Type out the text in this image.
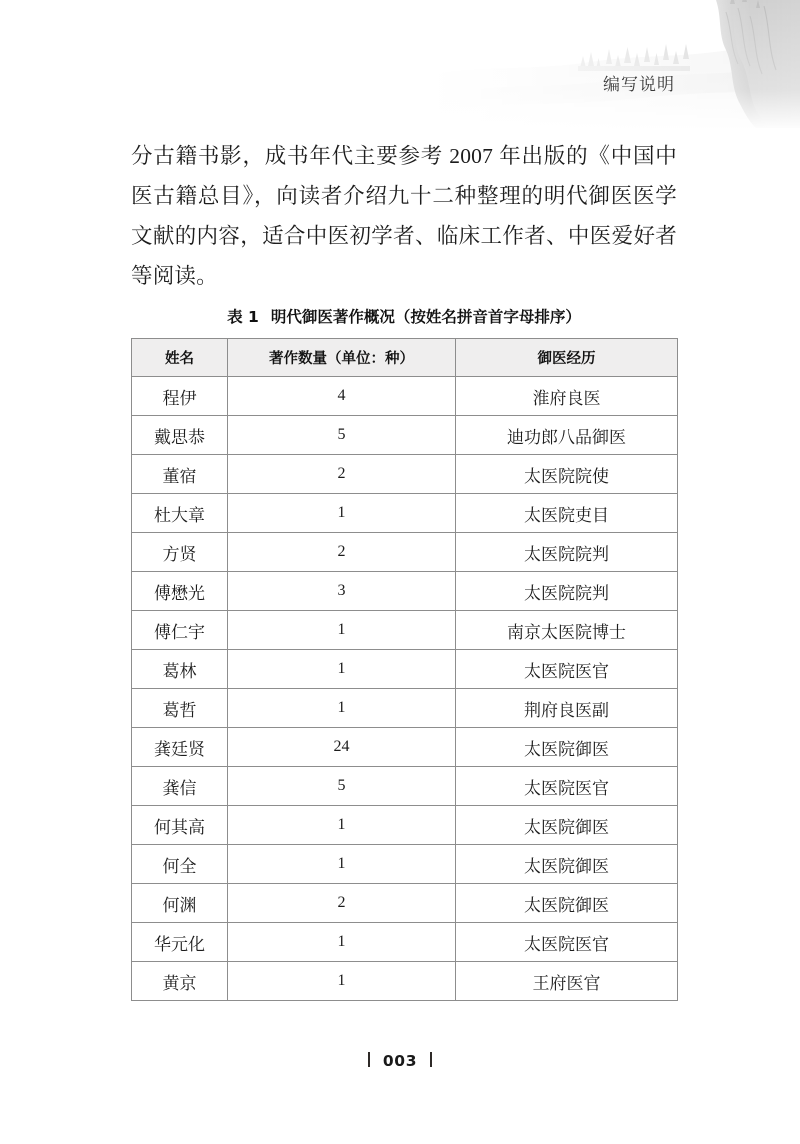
编写说明
分古籍书影，成书年代主要参考 2007 年出版的《中国中医古籍总目》，向读者介绍九十二种整理的明代御医医学文献的内容，适合中医初学者、临床工作者、中医爱好者等阅读。
表 1 明代御医著作概况（按姓名拼音首字母排序）
姓名	著作数量（单位：种）	御医经历
程伊	4	淮府良医
戴思恭	5	迪功郎八品御医
董宿	2	太医院院使
杜大章	1	太医院吏目
方贤	2	太医院院判
傅懋光	3	太医院院判
傅仁宇	1	南京太医院博士
葛林	1	太医院医官
葛哲	1	荆府良医副
龚廷贤	24	太医院御医
龚信	5	太医院医官
何其高	1	太医院御医
何全	1	太医院御医
何渊	2	太医院御医
华元化	1	太医院医官
黄京	1	王府医官
003
